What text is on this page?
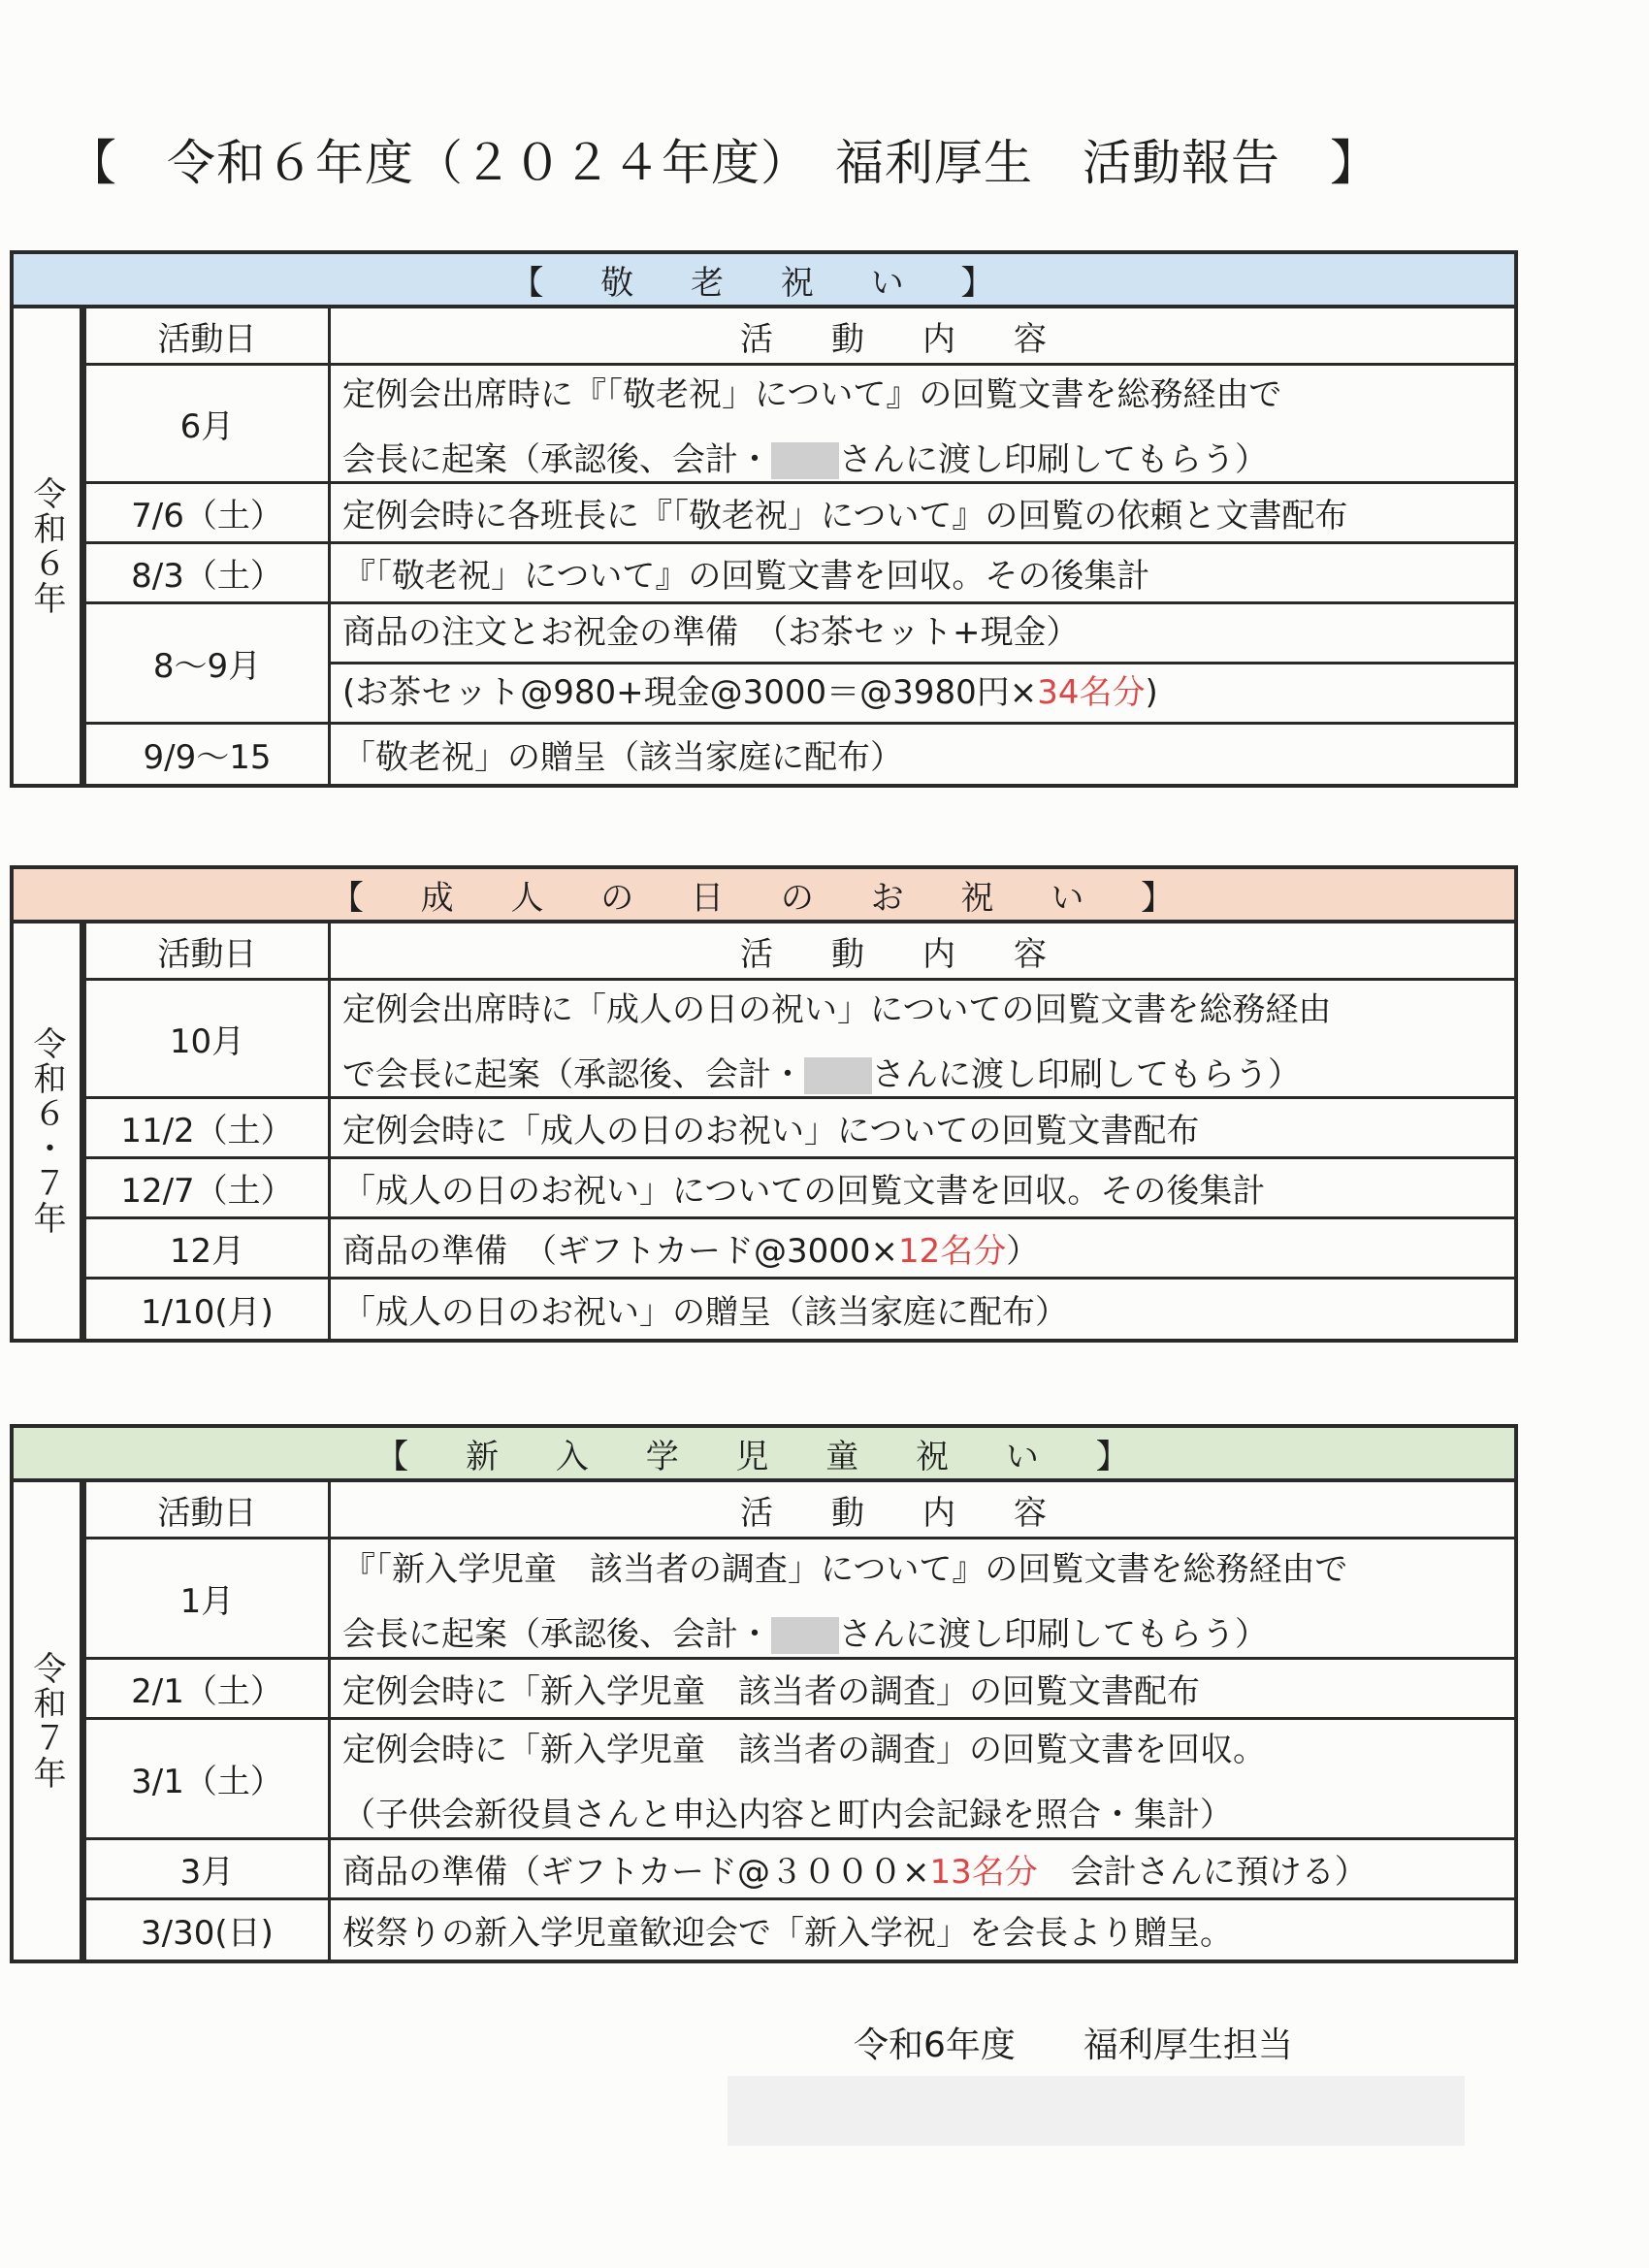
【　令和６年度（２０２４年度）　福利厚生　活動報告　】
【 敬 老 祝 い 】
令和６年
活動日	活動内容
6月	定例会出席時に『「敬老祝」について』の回覧文書を総務経由で
会長に起案（承認後、会計・ さんに渡し印刷してもらう）

7/6（土）	定例会時に各班長に『「敬老祝」について』の回覧の依頼と文書配布
8/3（土）	『「敬老祝」について』の回覧文書を回収。その後集計
8〜9月	商品の注文とお祝金の準備　（お茶セット+現金）
(お茶セット@980+現金@3000＝@3980円×34名分)

9/9〜15	「敬老祝」の贈呈（該当家庭に配布）
【 成 人 の 日 の お 祝 い 】
令和６・７年
活動日	活動内容
10月	定例会出席時に「成人の日の祝い」についての回覧文書を総務経由
で会長に起案（承認後、会計・ さんに渡し印刷してもらう）

11/2（土）	定例会時に「成人の日のお祝い」についての回覧文書配布
12/7（土）	「成人の日のお祝い」についての回覧文書を回収。その後集計
12月	商品の準備　（ギフトカード@3000×12名分）
1/10(月)	「成人の日のお祝い」の贈呈（該当家庭に配布）
【 新 入 学 児 童 祝 い 】
令和７年
活動日	活動内容
1月	『「新入学児童　該当者の調査」について』の回覧文書を総務経由で
会長に起案（承認後、会計・ さんに渡し印刷してもらう）

2/1（土）	定例会時に「新入学児童　該当者の調査」の回覧文書配布
3/1（土）	定例会時に「新入学児童　該当者の調査」の回覧文書を回収。
（子供会新役員さんと申込内容と町内会記録を照合・集計）

3月	商品の準備（ギフトカード@３０００×13名分　会計さんに預ける）
3/30(日)	桜祭りの新入学児童歓迎会で「新入学祝」を会長より贈呈。
令和6年度 福利厚生担当
